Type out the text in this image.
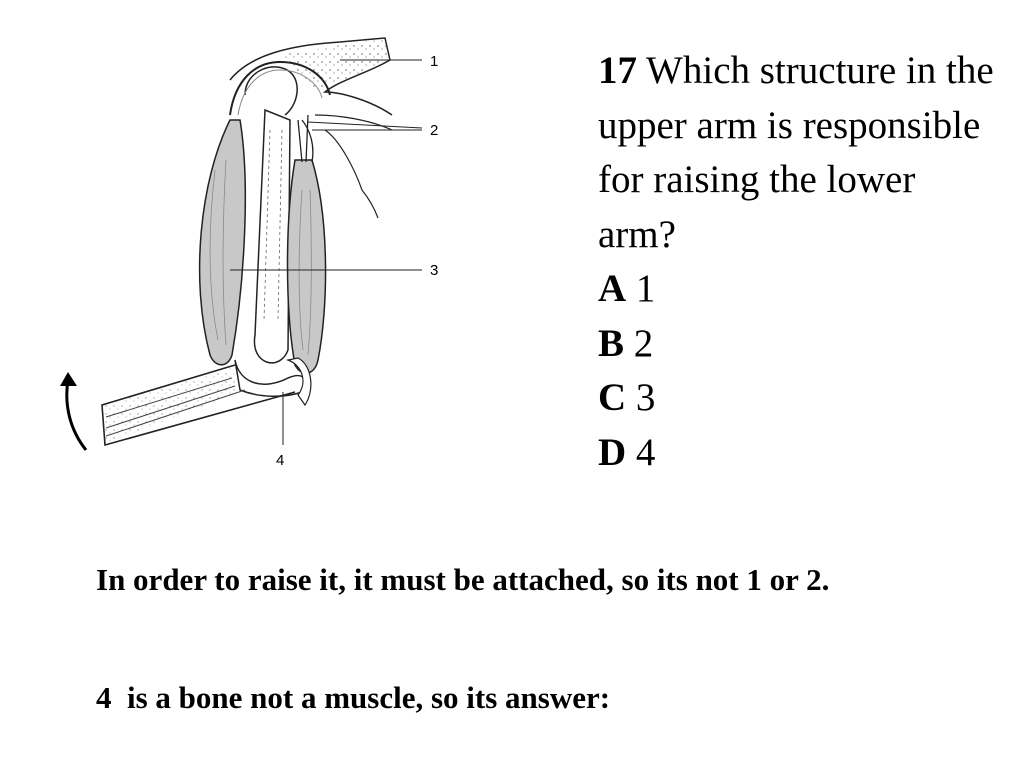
1
2
3
4
17 Which structure in the upper arm is responsible for raising the lower arm?
A 1
B 2
C 3
D 4
In order to raise it, it must be attached, so its not 1 or 2.
4  is a bone not a muscle, so its answer:
